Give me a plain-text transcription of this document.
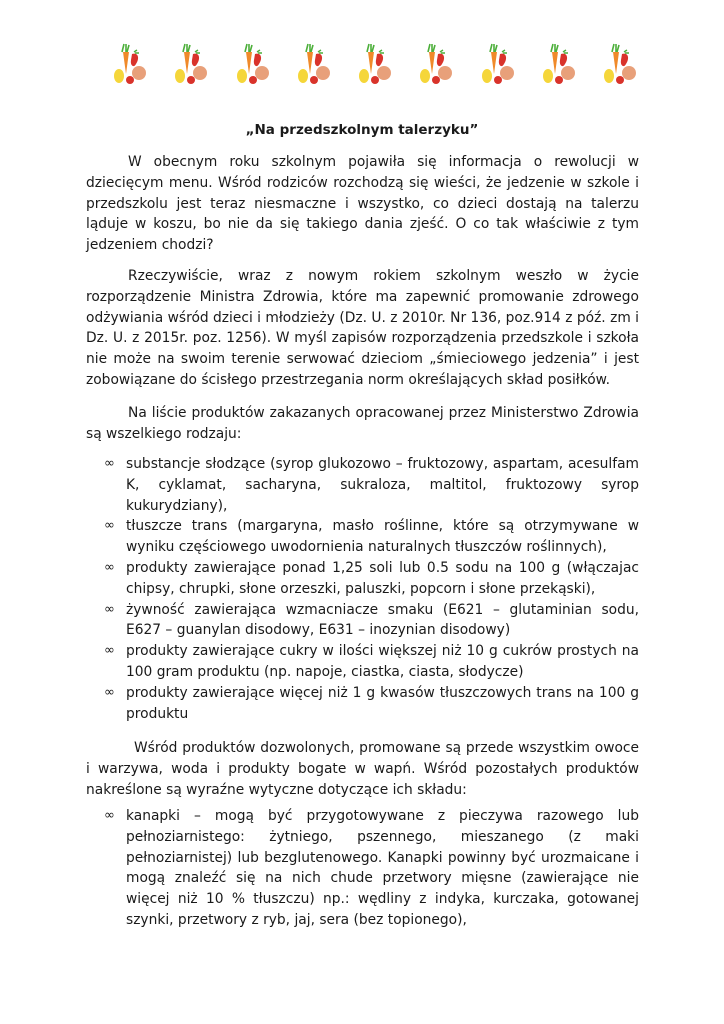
„Na przedszkolnym talerzyku”
W obecnym roku szkolnym pojawiła się informacja o rewolucji w dziecięcym menu. Wśród rodziców rozchodzą się wieści, że jedzenie w szkole i przedszkolu jest teraz niesmaczne i wszystko, co dzieci dostają na talerzu ląduje w koszu, bo nie da się takiego dania zjeść. O co tak właściwie z tym jedzeniem chodzi?
Rzeczywiście, wraz z nowym rokiem szkolnym weszło w życie rozporządzenie Ministra Zdrowia, które ma zapewnić promowanie zdrowego odżywiania wśród dzieci i młodzieży (Dz. U. z 2010r. Nr 136, poz.914 z póź. zm i Dz. U. z 2015r. poz. 1256). W myśl zapisów rozporządzenia przedszkole i szkoła nie może na swoim terenie serwować dzieciom „śmieciowego jedzenia” i jest zobowiązane do ścisłego przestrzegania norm określających skład posiłków.
Na liście produktów zakazanych opracowanej przez Ministerstwo Zdrowia są wszelkiego rodzaju:
∞ substancje słodzące (syrop glukozowo – fruktozowy, aspartam, acesulfam K, cyklamat, sacharyna, sukraloza, maltitol, fruktozowy syrop kukurydziany),
∞ tłuszcze trans (margaryna, masło roślinne, które są otrzymywane w wyniku częściowego uwodornienia naturalnych tłuszczów roślinnych),
∞ produkty zawierające ponad 1,25 soli lub 0.5 sodu na 100 g (włączajac chipsy, chrupki, słone orzeszki, paluszki, popcorn i słone przekąski),
∞ żywność zawierająca wzmacniacze smaku (E621 – glutaminian sodu, E627 – guanylan disodowy, E631 – inozynian disodowy)
∞ produkty zawierające cukry w ilości większej niż 10 g cukrów prostych na 100 gram produktu (np. napoje, ciastka, ciasta, słodycze)
∞ produkty zawierające więcej niż 1 g kwasów tłuszczowych trans na 100 g produktu
Wśród produktów dozwolonych, promowane są przede wszystkim owoce i warzywa, woda i produkty bogate w wapń. Wśród pozostałych produktów nakreślone są wyraźne wytyczne dotyczące ich składu:
∞ kanapki – mogą być przygotowywane z pieczywa razowego lub pełnoziarnistego: żytniego, pszennego, mieszanego (z maki pełnoziarnistej) lub bezglutenowego. Kanapki powinny być urozmaicane i mogą znaleźć się na nich chude przetwory mięsne (zawierające nie więcej niż 10 % tłuszczu) np.: wędliny z indyka, kurczaka, gotowanej szynki, przetwory z ryb, jaj, sera (bez topionego),
